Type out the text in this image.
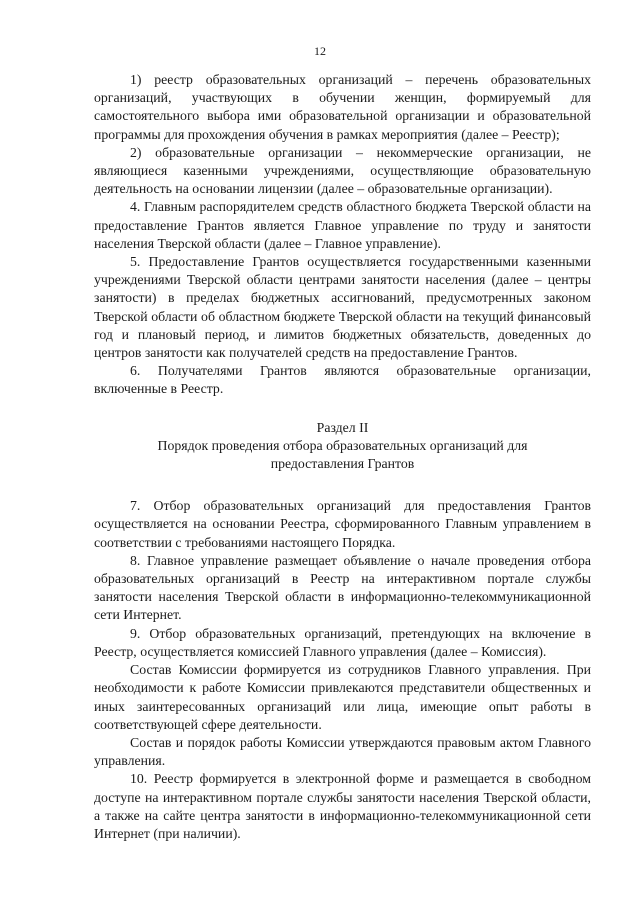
12

1) реестр образовательных организаций – перечень образовательных организаций, участвующих в обучении женщин, формируемый для самостоятельного выбора ими образовательной организации и образовательной программы для прохождения обучения в рамках мероприятия (далее – Реестр);

2) образовательные организации – некоммерческие организации, не являющиеся казенными учреждениями, осуществляющие образовательную деятельность на основании лицензии (далее – образовательные организации).

4. Главным распорядителем средств областного бюджета Тверской области на предоставление Грантов является Главное управление по труду и занятости населения Тверской области (далее – Главное управление).

5. Предоставление Грантов осуществляется государственными казенными учреждениями Тверской области центрами занятости населения (далее – центры занятости) в пределах бюджетных ассигнований, предусмотренных законом Тверской области об областном бюджете Тверской области на текущий финансовый год и плановый период, и лимитов бюджетных обязательств, доведенных до центров занятости как получателей средств на предоставление Грантов.

6. Получателями Грантов являются образовательные организации, включенные в Реестр.

Раздел II
Порядок проведения отбора образовательных организаций для предоставления Грантов

7. Отбор образовательных организаций для предоставления Грантов осуществляется на основании Реестра, сформированного Главным управлением в соответствии с требованиями настоящего Порядка.

8. Главное управление размещает объявление о начале проведения отбора образовательных организаций в Реестр на интерактивном портале службы занятости населения Тверской области в информационно-телекоммуникационной сети Интернет.

9. Отбор образовательных организаций, претендующих на включение в Реестр, осуществляется комиссией Главного управления (далее – Комиссия).

Состав Комиссии формируется из сотрудников Главного управления. При необходимости к работе Комиссии привлекаются представители общественных и иных заинтересованных организаций или лица, имеющие опыт работы в соответствующей сфере деятельности.

Состав и порядок работы Комиссии утверждаются правовым актом Главного управления.

10. Реестр формируется в электронной форме и размещается в свободном доступе на интерактивном портале службы занятости населения Тверской области, а также на сайте центра занятости в информационно-телекоммуникационной сети Интернет (при наличии).
